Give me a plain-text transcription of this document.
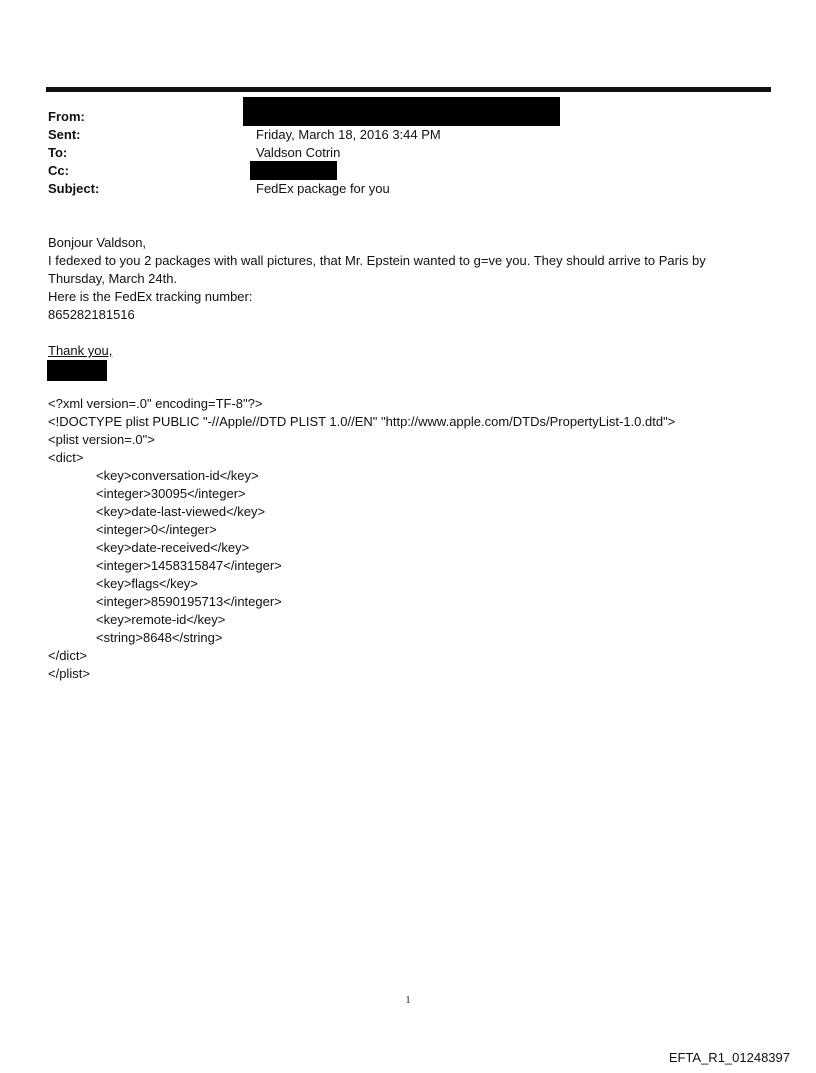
From:
Sent:
To:
Cc:
Subject:
Friday, March 18, 2016 3:44 PM
Valdson Cotrin
FedEx package for you
Bonjour Valdson,
I fedexed to you 2 packages with wall pictures, that Mr. Epstein wanted to g=ve you. They should arrive to Paris by
Thursday, March 24th.
Here is the FedEx tracking number:
865282181516
Thank you,
<?xml version=.0" encoding=TF-8"?>
<!DOCTYPE plist PUBLIC "-//Apple//DTD PLIST 1.0//EN" "http://www.apple.com/DTDs/PropertyList-1.0.dtd">
<plist version=.0">
<dict>
<key>conversation-id</key>
<integer>30095</integer>
<key>date-last-viewed</key>
<integer>0</integer>
<key>date-received</key>
<integer>1458315847</integer>
<key>flags</key>
<integer>8590195713</integer>
<key>remote-id</key>
<string>8648</string>
</dict>
</plist>
1
EFTA_R1_01248397
